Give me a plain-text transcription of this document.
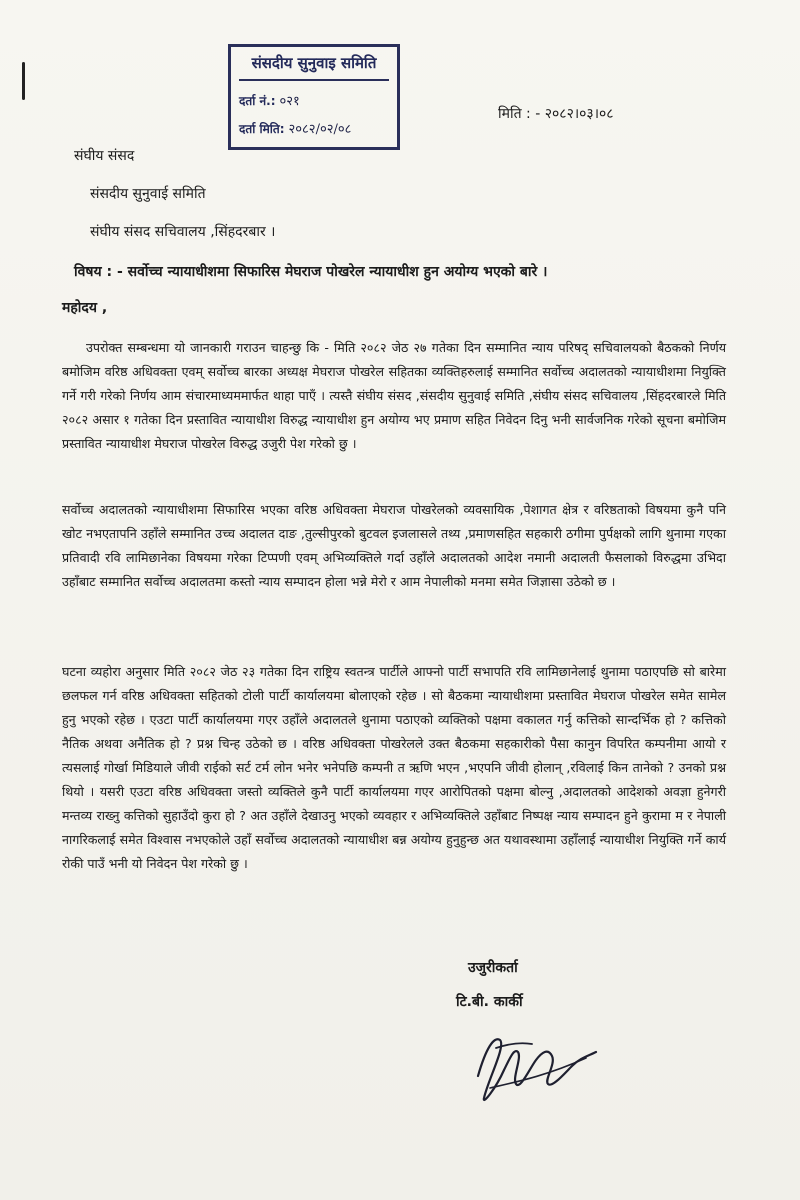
संसदीय सुनुवाइ समिति
दर्ता नं.: ०२१
दर्ता मिति: २०८२/०२/०८
मिति : - २०८२।०३।०८
संघीय संसद
संसदीय सुनुवाई समिति
संघीय संसद सचिवालय ,सिंहदरबार ।
विषय : - सर्वोच्च न्यायाधीशमा सिफारिस मेघराज पोखरेल न्यायाधीश हुन अयोग्य भएको बारे ।
महोदय ,

उपरोक्त सम्बन्धमा यो जानकारी गराउन चाहन्छु कि - मिति २०८२ जेठ २७ गतेका दिन सम्मानित न्याय परिषद् सचिवालयको बैठकको निर्णय बमोजिम वरिष्ठ अधिवक्ता एवम् सर्वोच्च बारका अध्यक्ष मेघराज पोखरेल सहितका व्यक्तिहरुलाई सम्मानित सर्वोच्च अदालतको न्यायाधीशमा नियुक्ति गर्ने गरी गरेको निर्णय आम संचारमाध्यममार्फत थाहा पाएँ । त्यस्तै संघीय संसद ,संसदीय सुनुवाई समिति ,संघीय संसद सचिवालय ,सिंहदरबारले मिति २०८२ असार १ गतेका दिन प्रस्तावित न्यायाधीश विरुद्ध न्यायाधीश हुन अयोग्य भए प्रमाण सहित निवेदन दिनु भनी सार्वजनिक गरेको सूचना बमोजिम प्रस्तावित न्यायाधीश मेघराज पोखरेल विरुद्ध उजुरी पेश गरेको छु ।

सर्वोच्च अदालतको न्यायाधीशमा सिफारिस भएका वरिष्ठ अधिवक्ता मेघराज पोखरेलको व्यवसायिक ,पेशागत क्षेत्र र वरिष्ठताको विषयमा कुनै पनि खोट नभएतापनि उहाँले सम्मानित उच्च अदालत दाङ ,तुल्सीपुरको बुटवल इजलासले तथ्य ,प्रमाणसहित सहकारी ठगीमा पुर्पक्षको लागि थुनामा गएका प्रतिवादी रवि लामिछानेका विषयमा गरेका टिप्पणी एवम् अभिव्यक्तिले गर्दा उहाँले अदालतको आदेश नमानी अदालती फैसलाको विरुद्धमा उभिदा उहाँबाट सम्मानित सर्वोच्च अदालतमा कस्तो न्याय सम्पादन होला भन्ने मेरो र आम नेपालीको मनमा समेत जिज्ञासा उठेको छ ।

घटना व्यहोरा अनुसार मिति २०८२ जेठ २३ गतेका दिन राष्ट्रिय स्वतन्त्र पार्टीले आफ्नो पार्टी सभापति रवि लामिछानेलाई थुनामा पठाएपछि सो बारेमा छलफल गर्न वरिष्ठ अधिवक्ता सहितको टोली पार्टी कार्यालयमा बोलाएको रहेछ । सो बैठकमा न्यायाधीशमा प्रस्तावित मेघराज पोखरेल समेत सामेल हुनु भएको रहेछ । एउटा पार्टी कार्यालयमा गएर उहाँले अदालतले थुनामा पठाएको व्यक्तिको पक्षमा वकालत गर्नु कत्तिको सान्दर्भिक हो ? कत्तिको नैतिक अथवा अनैतिक हो ? प्रश्न चिन्ह उठेको छ । वरिष्ठ अधिवक्ता पोखरेलले उक्त बैठकमा सहकारीको पैसा कानुन विपरित कम्पनीमा आयो र त्यसलाई गोर्खा मिडियाले जीवी राईको सर्ट टर्म लोन भनेर भनेपछि कम्पनी त ऋणि भएन ,भएपनि जीवी होलान् ,रविलाई किन तानेको ? उनको प्रश्न थियो । यसरी एउटा वरिष्ठ अधिवक्ता जस्तो व्यक्तिले कुनै पार्टी कार्यालयमा गएर आरोपितको पक्षमा बोल्नु ,अदालतको आदेशको अवज्ञा हुनेगरी मन्तव्य राख्नु कत्तिको सुहाउँदो कुरा हो ? अत उहाँले देखाउनु भएको व्यवहार र अभिव्यक्तिले उहाँबाट निष्पक्ष न्याय सम्पादन हुने कुरामा म र नेपाली नागरिकलाई समेत विश्वास नभएकोले उहाँ सर्वोच्च अदालतको न्यायाधीश बन्न अयोग्य हुनुहुन्छ अत यथावस्थामा उहाँलाई न्यायाधीश नियुक्ति गर्ने कार्य रोकी पाउँ भनी यो निवेदन पेश गरेको छु ।

उजुरीकर्ता
टि.बी. कार्की
